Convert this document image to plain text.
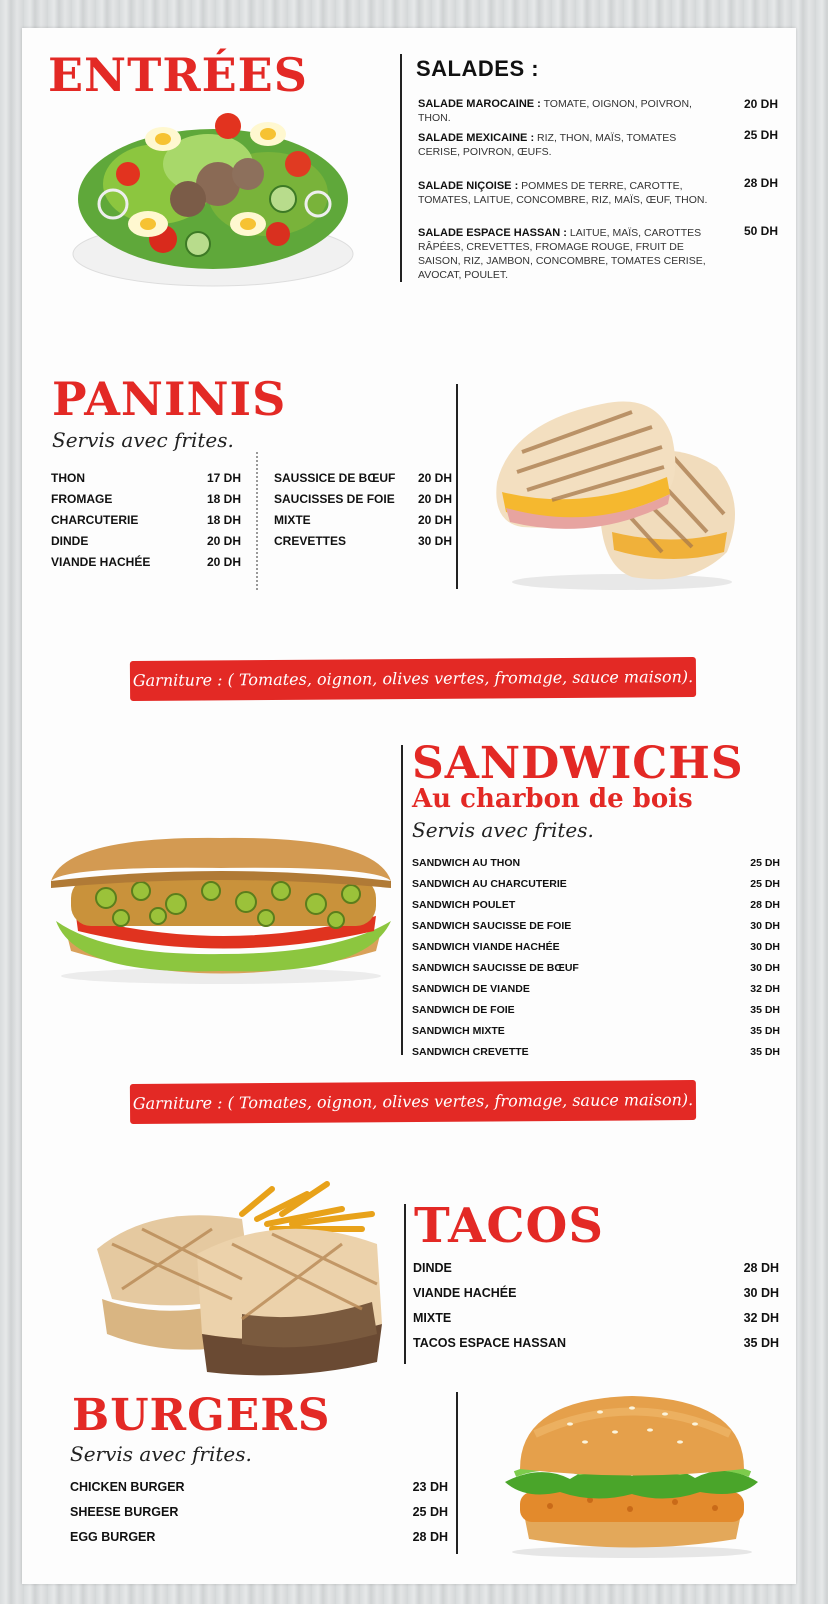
ENTRÉES	SALADES :
SALADE MAROCAINE : TOMATE, OIGNON, POIVRON, THON.
20 DH
SALADE MEXICAINE : RIZ, THON, MAÏS, TOMATES CERISE, POIVRON, ŒUFS.
25 DH
SALADE NIÇOISE : POMMES DE TERRE, CAROTTE, TOMATES, LAITUE, CONCOMBRE, RIZ, MAÏS, ŒUF, THON.
28 DH
SALADE ESPACE HASSAN : LAITUE, MAÏS, CAROTTES RÂPÉES, CREVETTES, FROMAGE ROUGE, FRUIT DE SAISON, RIZ, JAMBON, CONCOMBRE, TOMATES CERISE, AVOCAT, POULET.
50 DH
PANINIS
Servis avec frites.
THON	17 DH
FROMAGE	18 DH
CHARCUTERIE	18 DH
DINDE	20 DH
VIANDE HACHÉE	20 DH
SAUSSICE DE BŒUF 20 DH
SAUCISSES DE FOIE 20 DH
MIXTE	20 DH
CREVETTES	30 DH
Garniture : ( Tomates, oignon, olives vertes, fromage, sauce maison).
SANDWICHS
Au charbon de bois
Servis avec frites.
SANDWICH AU THON	25 DH
SANDWICH AU CHARCUTERIE	25 DH
SANDWICH POULET	28 DH
SANDWICH SAUCISSE DE FOIE	30 DH
SANDWICH VIANDE HACHÉE	30 DH
SANDWICH SAUCISSE DE BŒUF	30 DH
SANDWICH DE VIANDE	32 DH
SANDWICH DE FOIE	35 DH
SANDWICH MIXTE	35 DH
SANDWICH CREVETTE	35 DH
Garniture : ( Tomates, oignon, olives vertes, fromage, sauce maison).
TACOS
DINDE	28 DH
VIANDE HACHÉE	30 DH
MIXTE	32 DH
TACOS ESPACE HASSAN	35 DH
BURGERS
Servis avec frites.
CHICKEN BURGER	23 DH
SHEESE BURGER	25 DH
EGG BURGER	28 DH
